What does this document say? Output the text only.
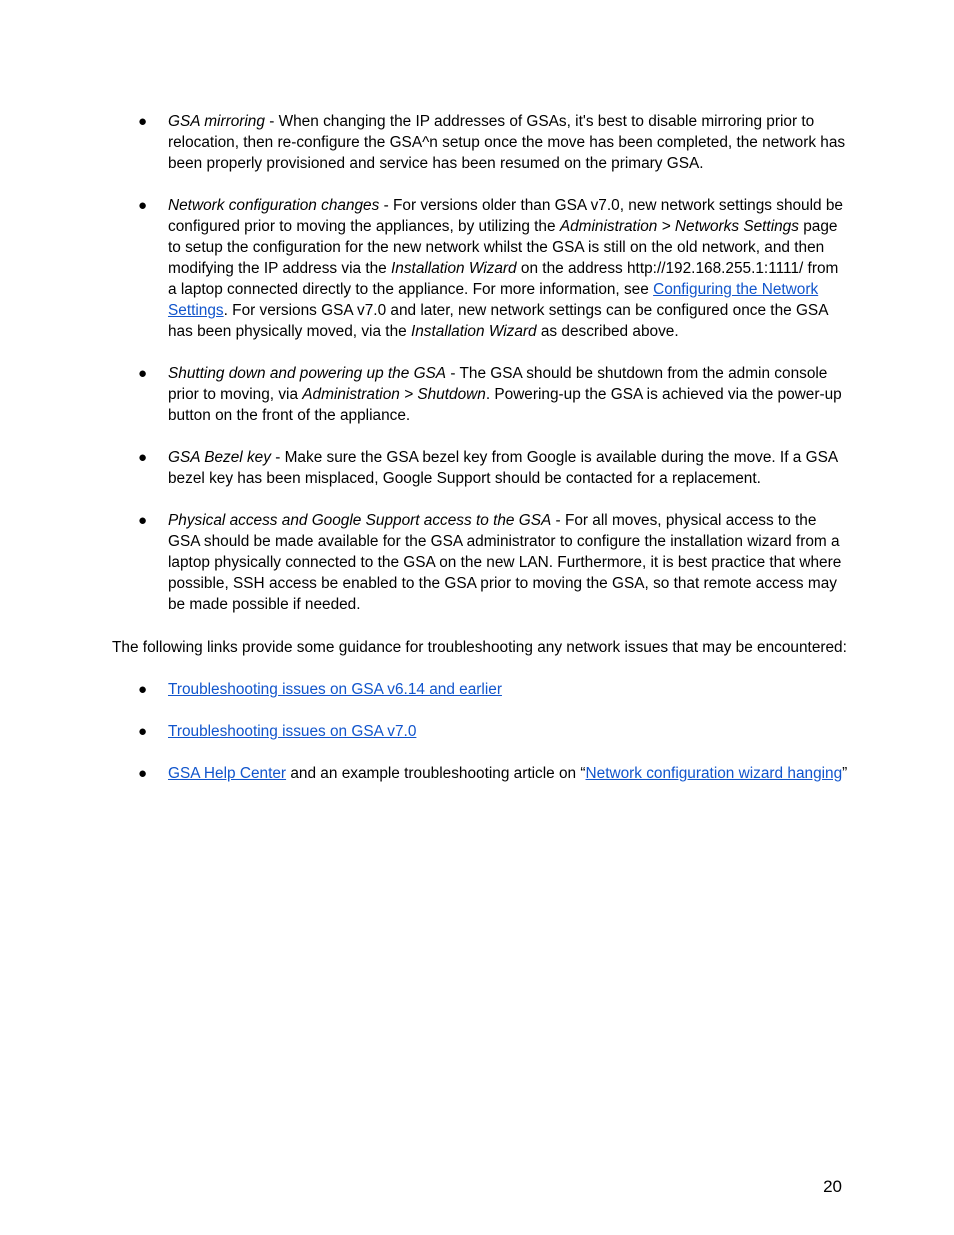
● GSA mirroring - When changing the IP addresses of GSAs, it's best to disable mirroring prior to relocation, then re-configure the GSA^n setup once the move has been completed, the network has been properly provisioned and service has been resumed on the primary GSA.
● Network configuration changes - For versions older than GSA v7.0, new network settings should be configured prior to moving the appliances, by utilizing the Administration > Networks Settings page to setup the configuration for the new network whilst the GSA is still on the old network, and then modifying the IP address via the Installation Wizard on the address http://192.168.255.1:1111/ from a laptop connected directly to the appliance. For more information, see Configuring the Network Settings. For versions GSA v7.0 and later, new network settings can be configured once the GSA has been physically moved, via the Installation Wizard as described above.
● Shutting down and powering up the GSA - The GSA should be shutdown from the admin console prior to moving, via Administration > Shutdown. Powering-up the GSA is achieved via the power-up button on the front of the appliance.
● GSA Bezel key - Make sure the GSA bezel key from Google is available during the move. If a GSA bezel key has been misplaced, Google Support should be contacted for a replacement.
● Physical access and Google Support access to the GSA - For all moves, physical access to the GSA should be made available for the GSA administrator to configure the installation wizard from a laptop physically connected to the GSA on the new LAN. Furthermore, it is best practice that where possible, SSH access be enabled to the GSA prior to moving the GSA, so that remote access may be made possible if needed.

The following links provide some guidance for troubleshooting any network issues that may be encountered:

● Troubleshooting issues on GSA v6.14 and earlier
● Troubleshooting issues on GSA v7.0
● GSA Help Center and an example troubleshooting article on “Network configuration wizard hanging”
20
